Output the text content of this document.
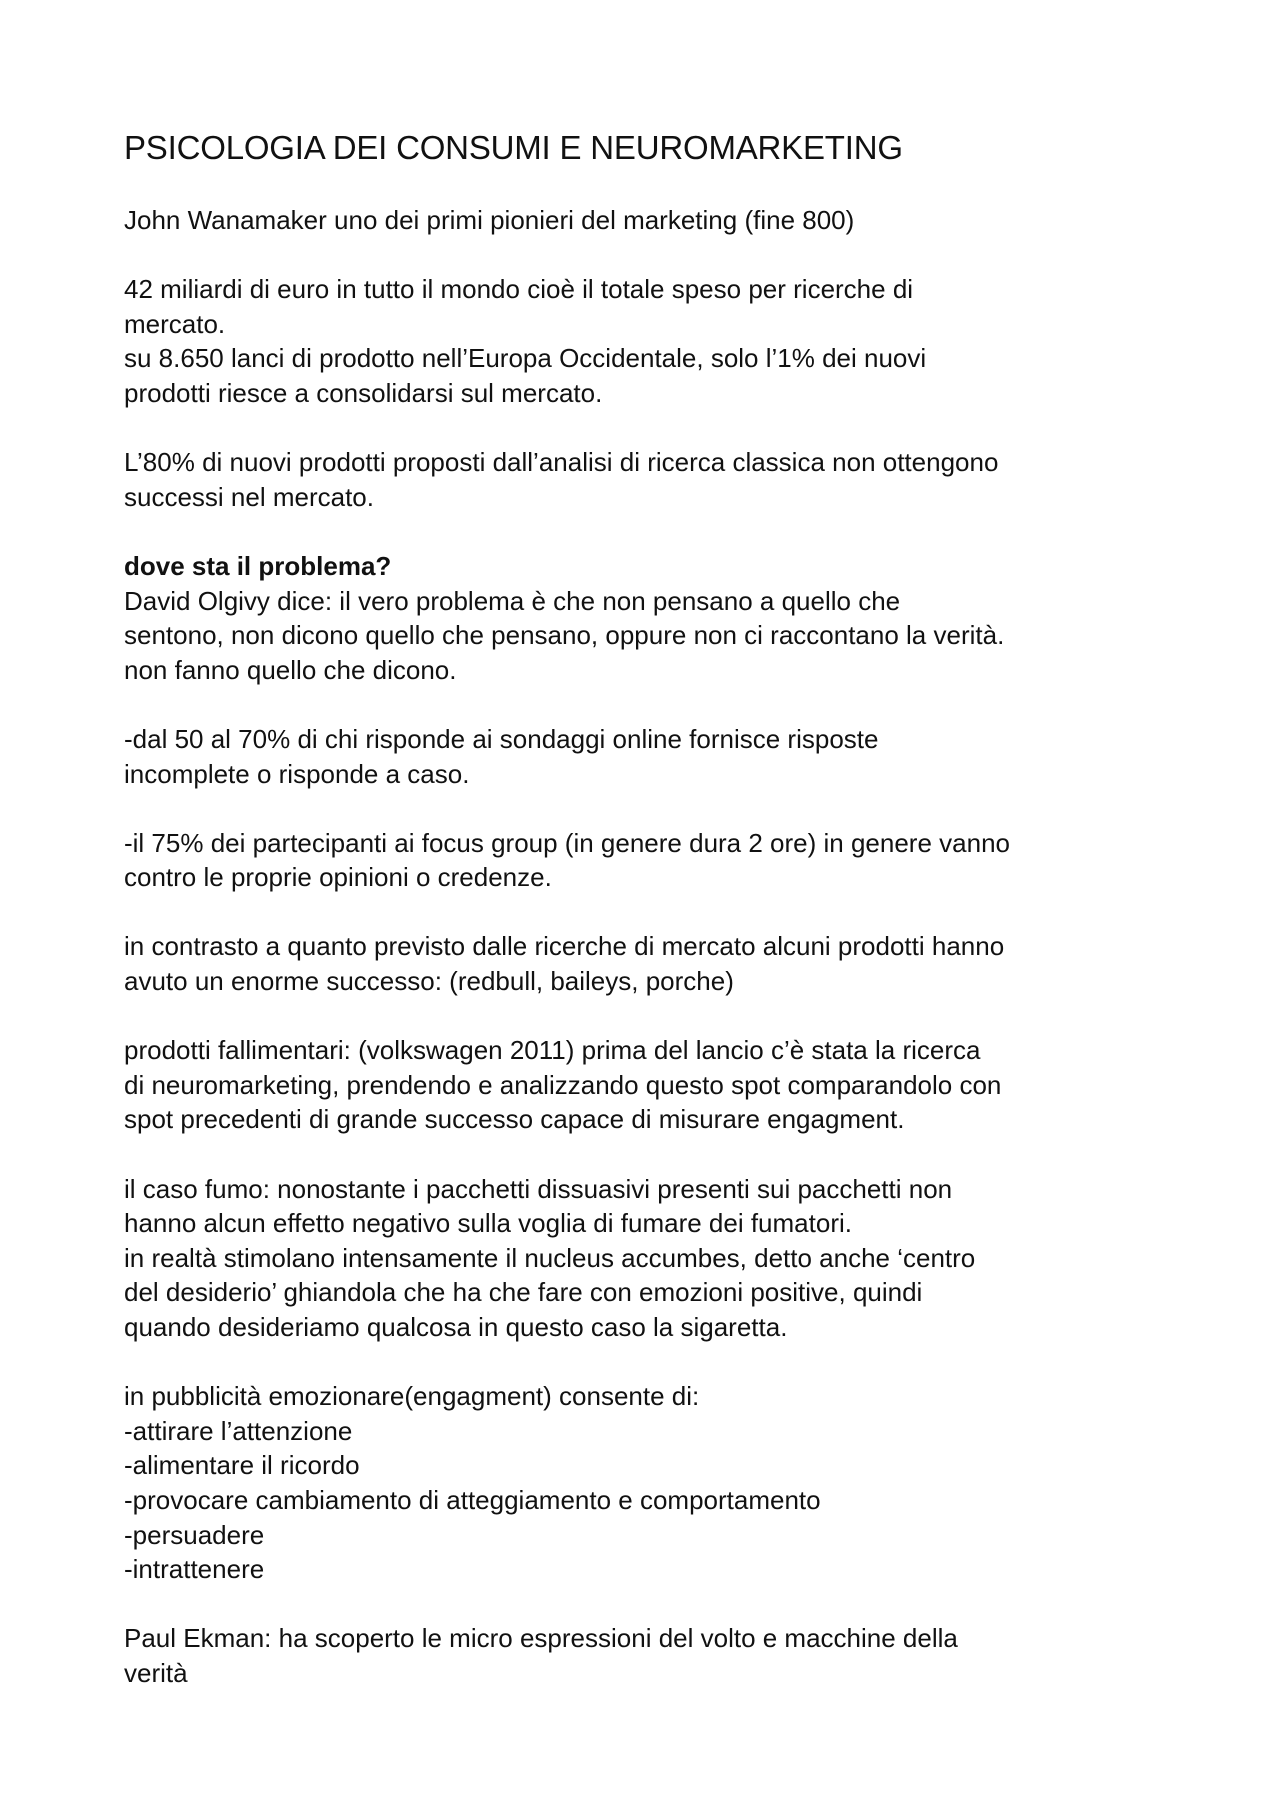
PSICOLOGIA DEI CONSUMI E NEUROMARKETING
John Wanamaker uno dei primi pionieri del marketing (fine 800)
42 miliardi di euro in tutto il mondo cioè il totale speso per ricerche di
mercato.
su 8.650 lanci di prodotto nell’Europa Occidentale, solo l’1% dei nuovi
prodotti riesce a consolidarsi sul mercato.
L’80% di nuovi prodotti proposti dall’analisi di ricerca classica non ottengono
successi nel mercato.
dove sta il problema?
David Olgivy dice: il vero problema è che non pensano a quello che
sentono, non dicono quello che pensano, oppure non ci raccontano la verità.
non fanno quello che dicono.
-dal 50 al 70% di chi risponde ai sondaggi online fornisce risposte
incomplete o risponde a caso.
-il 75% dei partecipanti ai focus group (in genere dura 2 ore) in genere vanno
contro le proprie opinioni o credenze.
in contrasto a quanto previsto dalle ricerche di mercato alcuni prodotti hanno
avuto un enorme successo: (redbull, baileys, porche)
prodotti fallimentari: (volkswagen 2011) prima del lancio c’è stata la ricerca
di neuromarketing, prendendo e analizzando questo spot comparandolo con
spot precedenti di grande successo capace di misurare engagment.
il caso fumo: nonostante i pacchetti dissuasivi presenti sui pacchetti non
hanno alcun effetto negativo sulla voglia di fumare dei fumatori.
in realtà stimolano intensamente il nucleus accumbes, detto anche ‘centro
del desiderio’ ghiandola che ha che fare con emozioni positive, quindi
quando desideriamo qualcosa in questo caso la sigaretta.
in pubblicità emozionare(engagment) consente di:
-attirare l’attenzione
-alimentare il ricordo
-provocare cambiamento di atteggiamento e comportamento
-persuadere
-intrattenere
Paul Ekman: ha scoperto le micro espressioni del volto e macchine della
verità
